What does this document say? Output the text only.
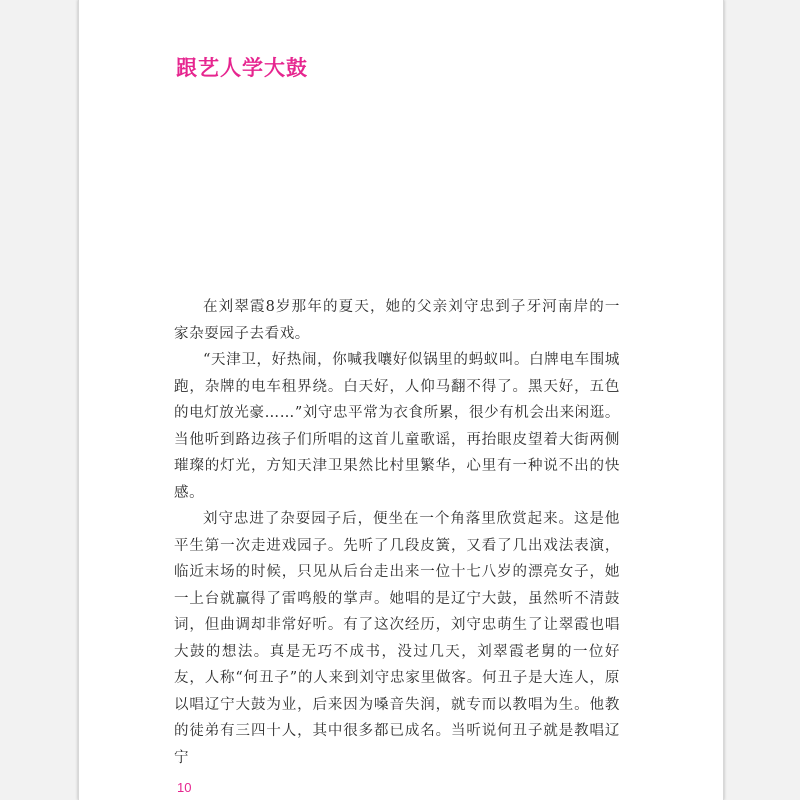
跟艺人学大鼓

在刘翠霞8岁那年的夏天，她的父亲刘守忠到子牙河南岸的一家杂耍园子去看戏。

“天津卫，好热闹，你喊我嚷好似锅里的蚂蚁叫。白牌电车围城跑，杂牌的电车租界绕。白天好，人仰马翻不得了。黑天好，五色的电灯放光豪……”刘守忠平常为衣食所累，很少有机会出来闲逛。当他听到路边孩子们所唱的这首儿童歌谣，再抬眼皮望着大街两侧璀璨的灯光，方知天津卫果然比村里繁华，心里有一种说不出的快感。

刘守忠进了杂耍园子后，便坐在一个角落里欣赏起来。这是他平生第一次走进戏园子。先听了几段皮簧，又看了几出戏法表演，临近末场的时候，只见从后台走出来一位十七八岁的漂亮女子，她一上台就赢得了雷鸣般的掌声。她唱的是辽宁大鼓，虽然听不清鼓词，但曲调却非常好听。有了这次经历，刘守忠萌生了让翠霞也唱大鼓的想法。真是无巧不成书，没过几天，刘翠霞老舅的一位好友，人称“何丑子”的人来到刘守忠家里做客。何丑子是大连人，原以唱辽宁大鼓为业，后来因为嗓音失润，就专而以教唱为生。他教的徒弟有三四十人，其中很多都已成名。当听说何丑子就是教唱辽宁

10
